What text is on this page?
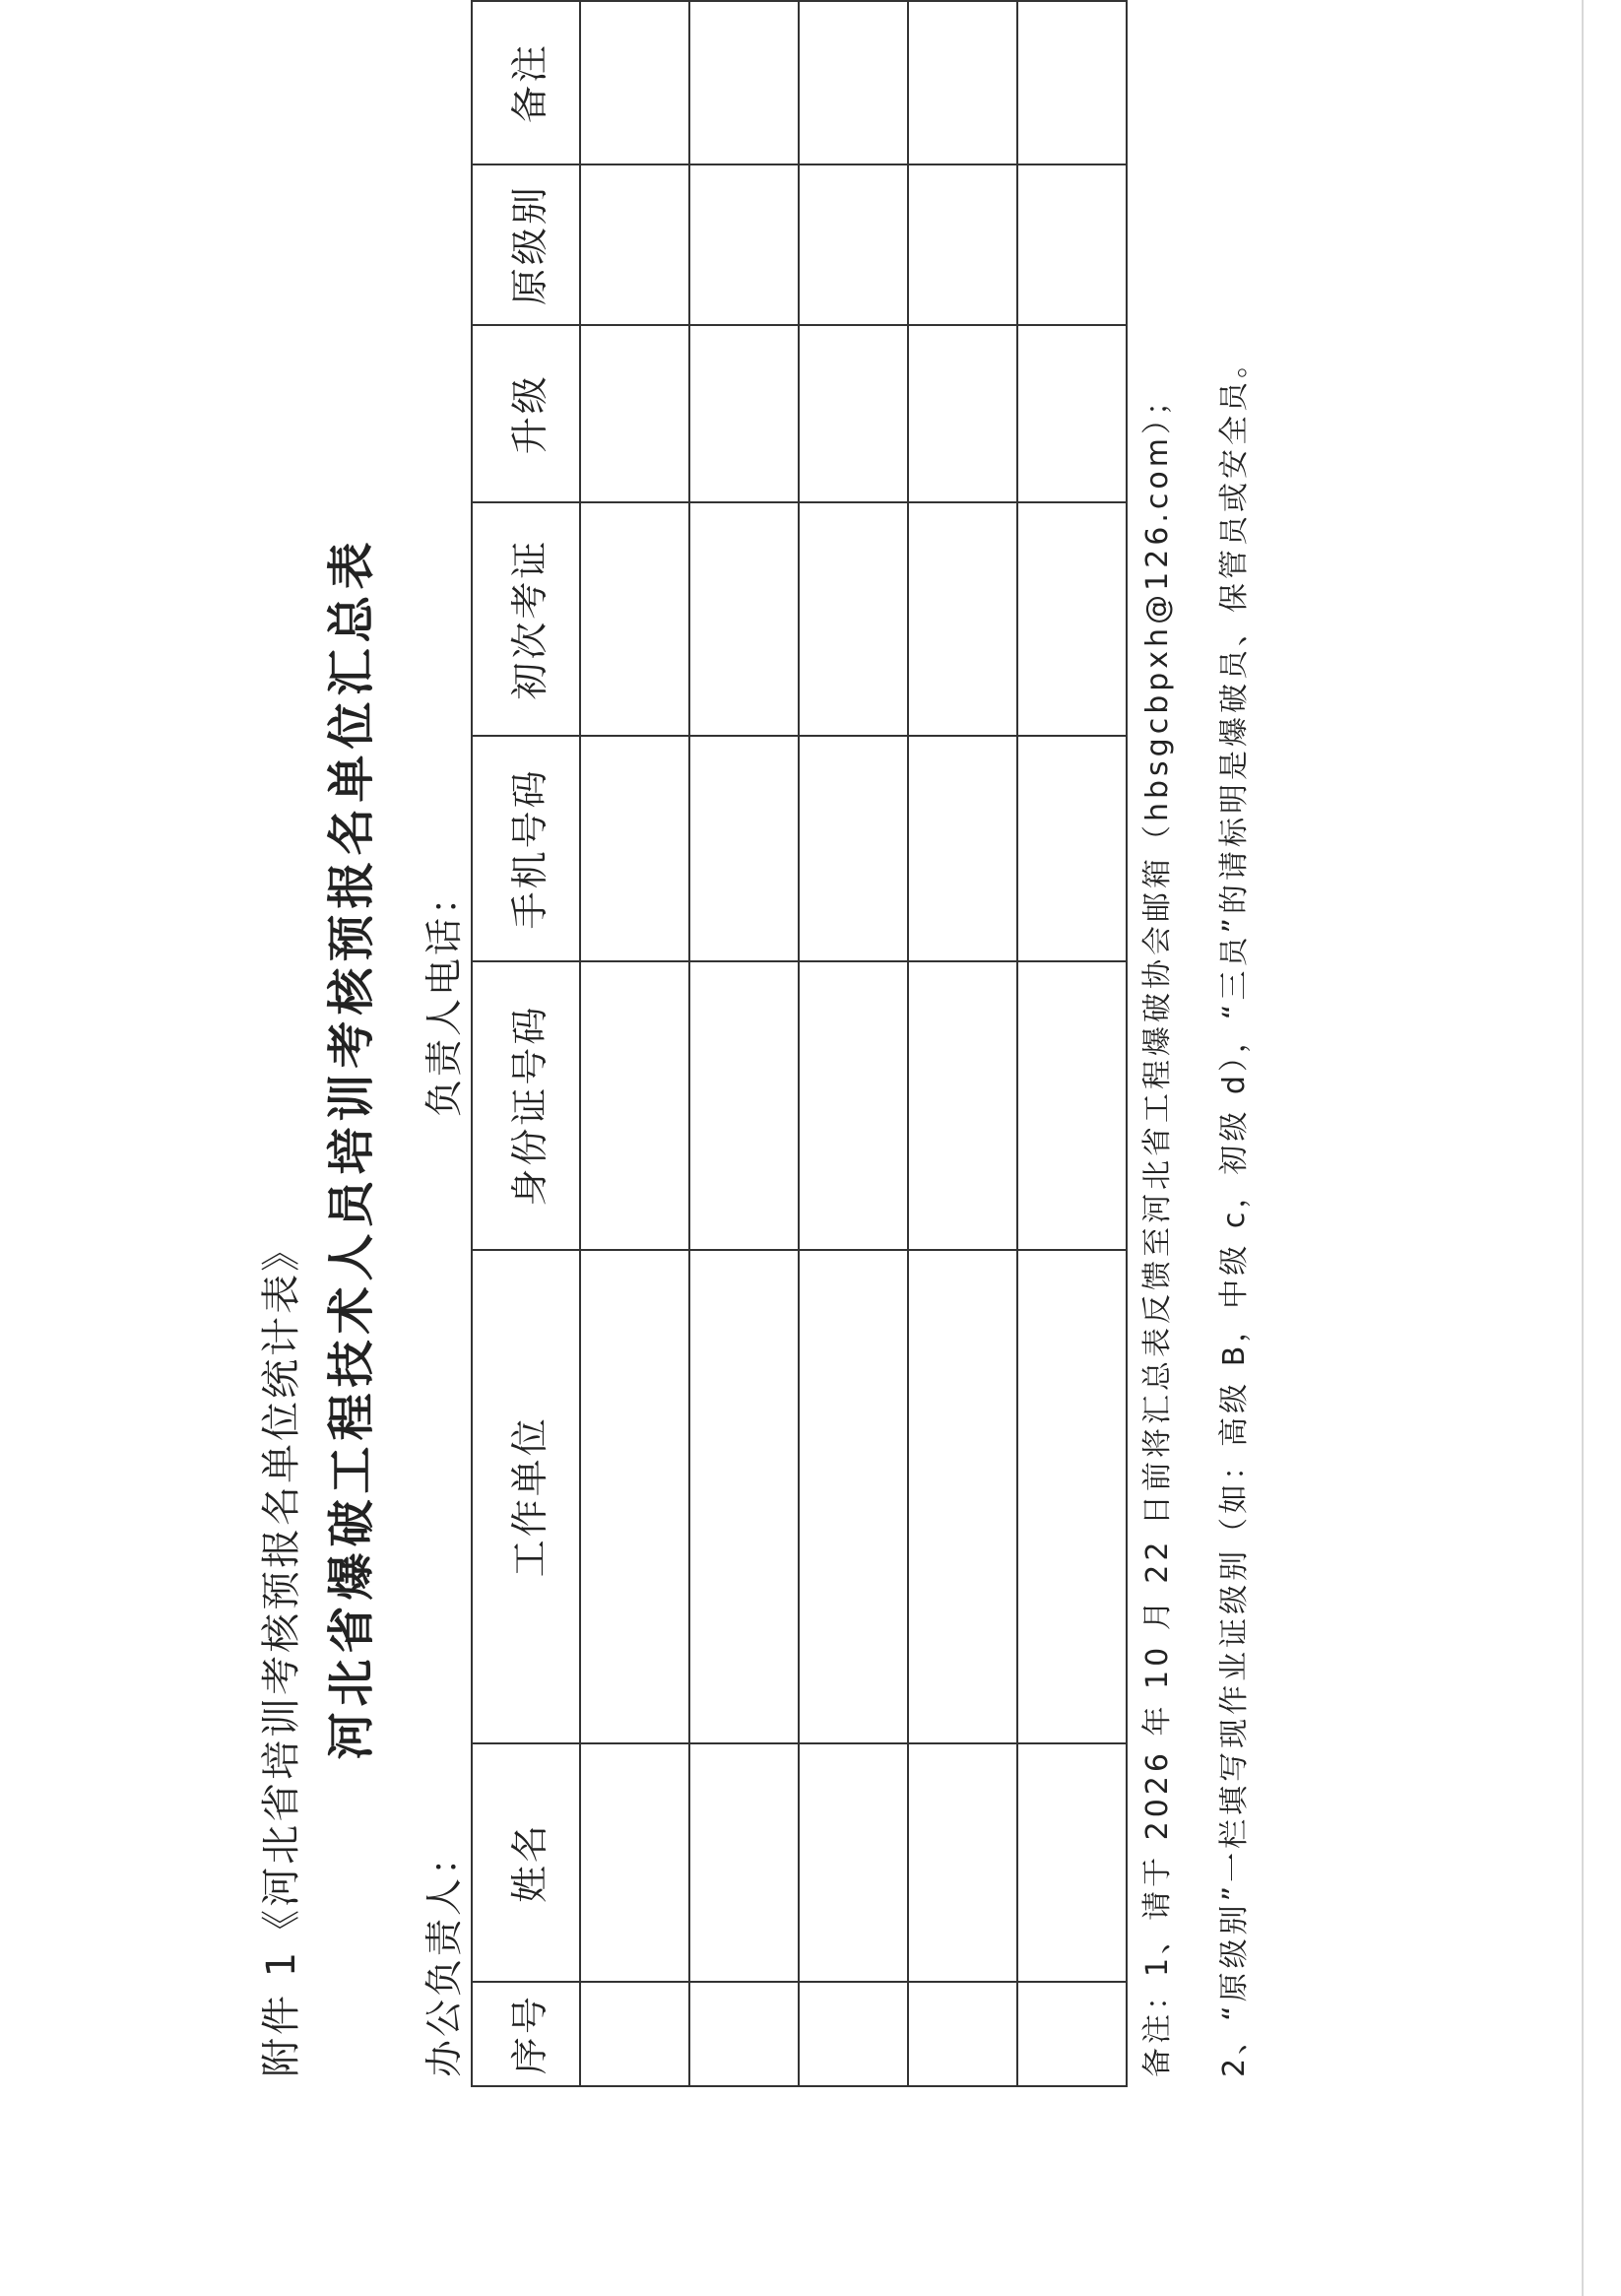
附件 1《河北省培训考核预报名单位统计表》 河北省爆破工程技术人员培训考核预报名单位汇总表
办公负责人：
负责人电话：
序号	姓名	工作单位	身份证号码	手机号码	初次考证	升级	原级别	备注

备注：1、请于 2026 年 10 月 22 日前将汇总表反馈至河北省工程爆破协会邮箱（hbsgcbpxh@126.com）； 2、“原级别”一栏填写现作业证级别（如：高级 B，中级 c，初级 d），“三员”的请标明是爆破员、保管员或安全员。
